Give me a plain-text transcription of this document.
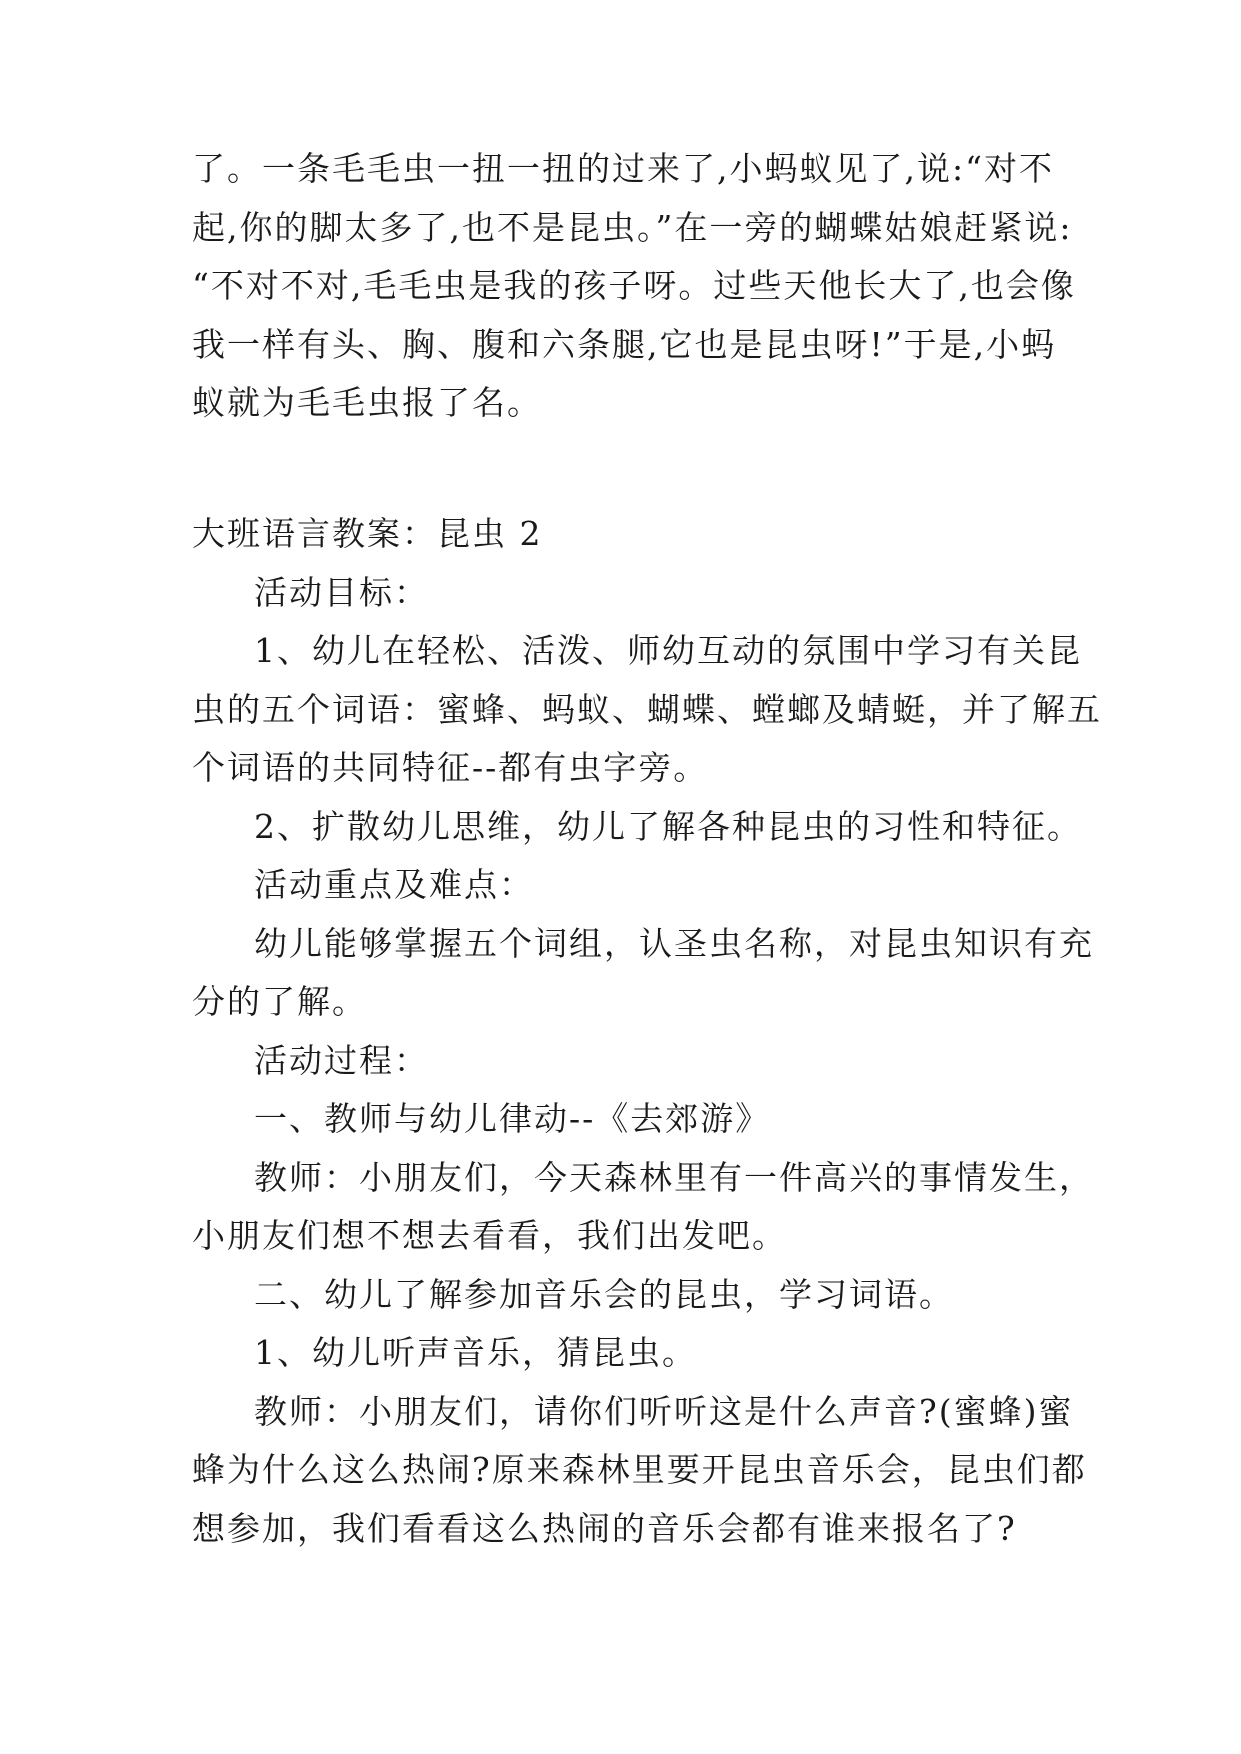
了。一条毛毛虫一扭一扭的过来了,小蚂蚁见了,说:“对不
起,你的脚太多了,也不是昆虫。”在一旁的蝴蝶姑娘赶紧说:
“不对不对,毛毛虫是我的孩子呀。过些天他长大了,也会像
我一样有头、胸、腹和六条腿,它也是昆虫呀!”于是,小蚂
蚁就为毛毛虫报了名。
大班语言教案：昆虫 2
活动目标：
1、幼儿在轻松、活泼、师幼互动的氛围中学习有关昆
虫的五个词语：蜜蜂、蚂蚁、蝴蝶、螳螂及蜻蜓，并了解五
个词语的共同特征--都有虫字旁。
2、扩散幼儿思维，幼儿了解各种昆虫的习性和特征。
活动重点及难点：
幼儿能够掌握五个词组，认圣虫名称，对昆虫知识有充
分的了解。
活动过程：
一、教师与幼儿律动--《去郊游》
教师：小朋友们，今天森林里有一件高兴的事情发生，
小朋友们想不想去看看，我们出发吧。
二、幼儿了解参加音乐会的昆虫，学习词语。
1、幼儿听声音乐，猜昆虫。
教师：小朋友们，请你们听听这是什么声音?(蜜蜂)蜜
蜂为什么这么热闹?原来森林里要开昆虫音乐会，昆虫们都
想参加，我们看看这么热闹的音乐会都有谁来报名了?
